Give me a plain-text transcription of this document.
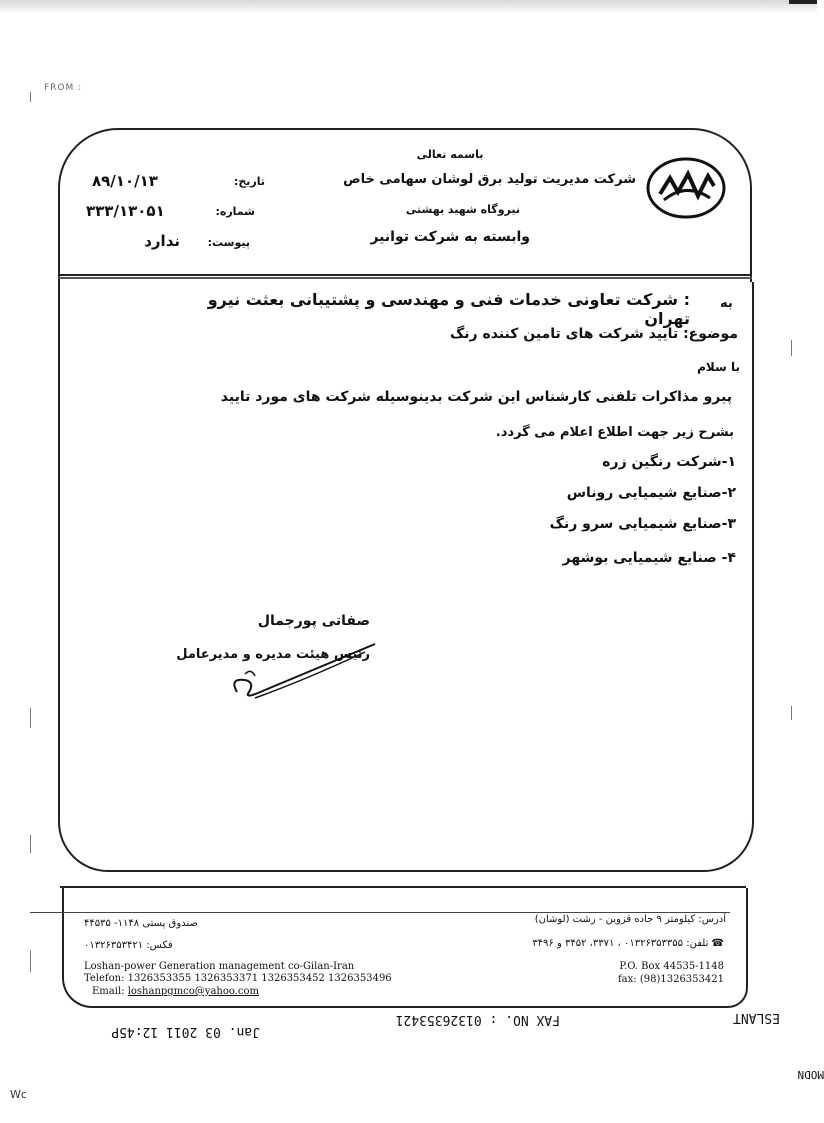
FROM :
باسمه تعالی
شرکت مدیریت تولید برق لوشان سهامی خاص
نیروگاه شهید بهشتی
وابسته به شرکت توانیر
تاریخ:
۸۹/۱۰/۱۳
شماره:
۳۳۳/۱۳۰۵۱
پیوست:
ندارد
به
: شرکت تعاونی خدمات فنی و مهندسی و پشتیبانی بعثت نیرو تهران
موضوع: تایید شرکت های تامین کننده رنگ
با سلام
پیرو مذاکرات تلفنی کارشناس این شرکت بدینوسیله شرکت های مورد تایید
بشرح زیر جهت اطلاع اعلام می گردد.
۱-شرکت رنگین زره
۲-صنایع شیمیایی روناس
۳-صنایع شیمیایی سرو رنگ
۴- صنایع شیمیایی بوشهر
صفاتی پورجمال
رئیس هیئت مدیره و مدیرعامل
آدرس: کیلومتر ۹ جاده قزوین - رشت (لوشان)
صندوق پستی ۱۱۴۸- ۴۴۵۳۵
☎ تلفن: ۰۱۳۲۶۳۵۳۳۵۵ ، ۳۳۷۱، ۳۴۵۲ و ۳۴۹۶
فکس: ۰۱۳۲۶۳۵۳۴۲۱
Loshan-power Generation management co-Gilan-Iran
Telefon: 1326353355 1326353371 1326353452 1326353496
Email: loshanpgmco@yahoo.com
P.O. Box 44535-1148
fax: (98)1326353421
Jan. 03 2011 12:45P
FAX NO. : 01326353421	ESLANT
MODN
Wc
